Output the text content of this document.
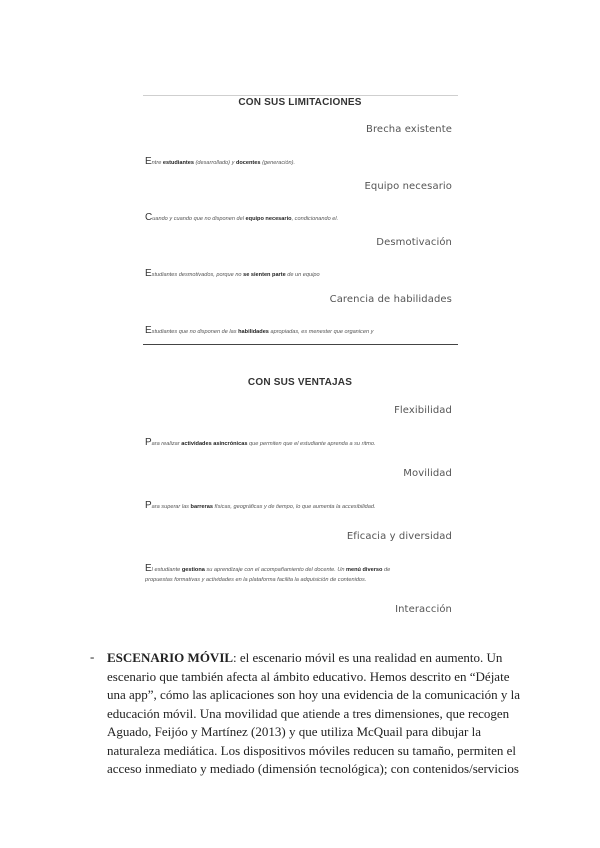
CON SUS LIMITACIONES
Brecha existente
Entre estudiantes (desarrollado) y docentes (generación).
Equipo necesario
Cuando y cuando que no disponen del equipo necesario, condicionando el.
Desmotivación
Estudiantes desmotivados, porque no se sienten parte de un equipo
Carencia de habilidades
Estudiantes que no disponen de las habilidades apropiadas, es menester que organicen y
CON SUS VENTAJAS
Flexibilidad
Para realizar actividades asincrónicas que permiten que el estudiante aprenda a su ritmo.
Movilidad
Para superar las barreras físicas, geográficas y de tiempo, lo que aumenta la accesibilidad.
Eficacia y diversidad
El estudiante gestiona su aprendizaje con el acompañamiento del docente. Un menú diverso de
propuestas formativas y actividades en la plataforma facilita la adquisición de contenidos.
Interacción
- ESCENARIO MÓVIL: el escenario móvil es una realidad en aumento. Un escenario que también afecta al ámbito educativo. Hemos descrito en “Déjate una app”, cómo las aplicaciones son hoy una evidencia de la comunicación y la educación móvil. Una movilidad que atiende a tres dimensiones, que recogen Aguado, Feijóo y Martínez (2013) y que utiliza McQuail para dibujar la naturaleza mediática. Los dispositivos móviles reducen su tamaño, permiten el acceso inmediato y mediado (dimensión tecnológica); con contenidos/servicios
